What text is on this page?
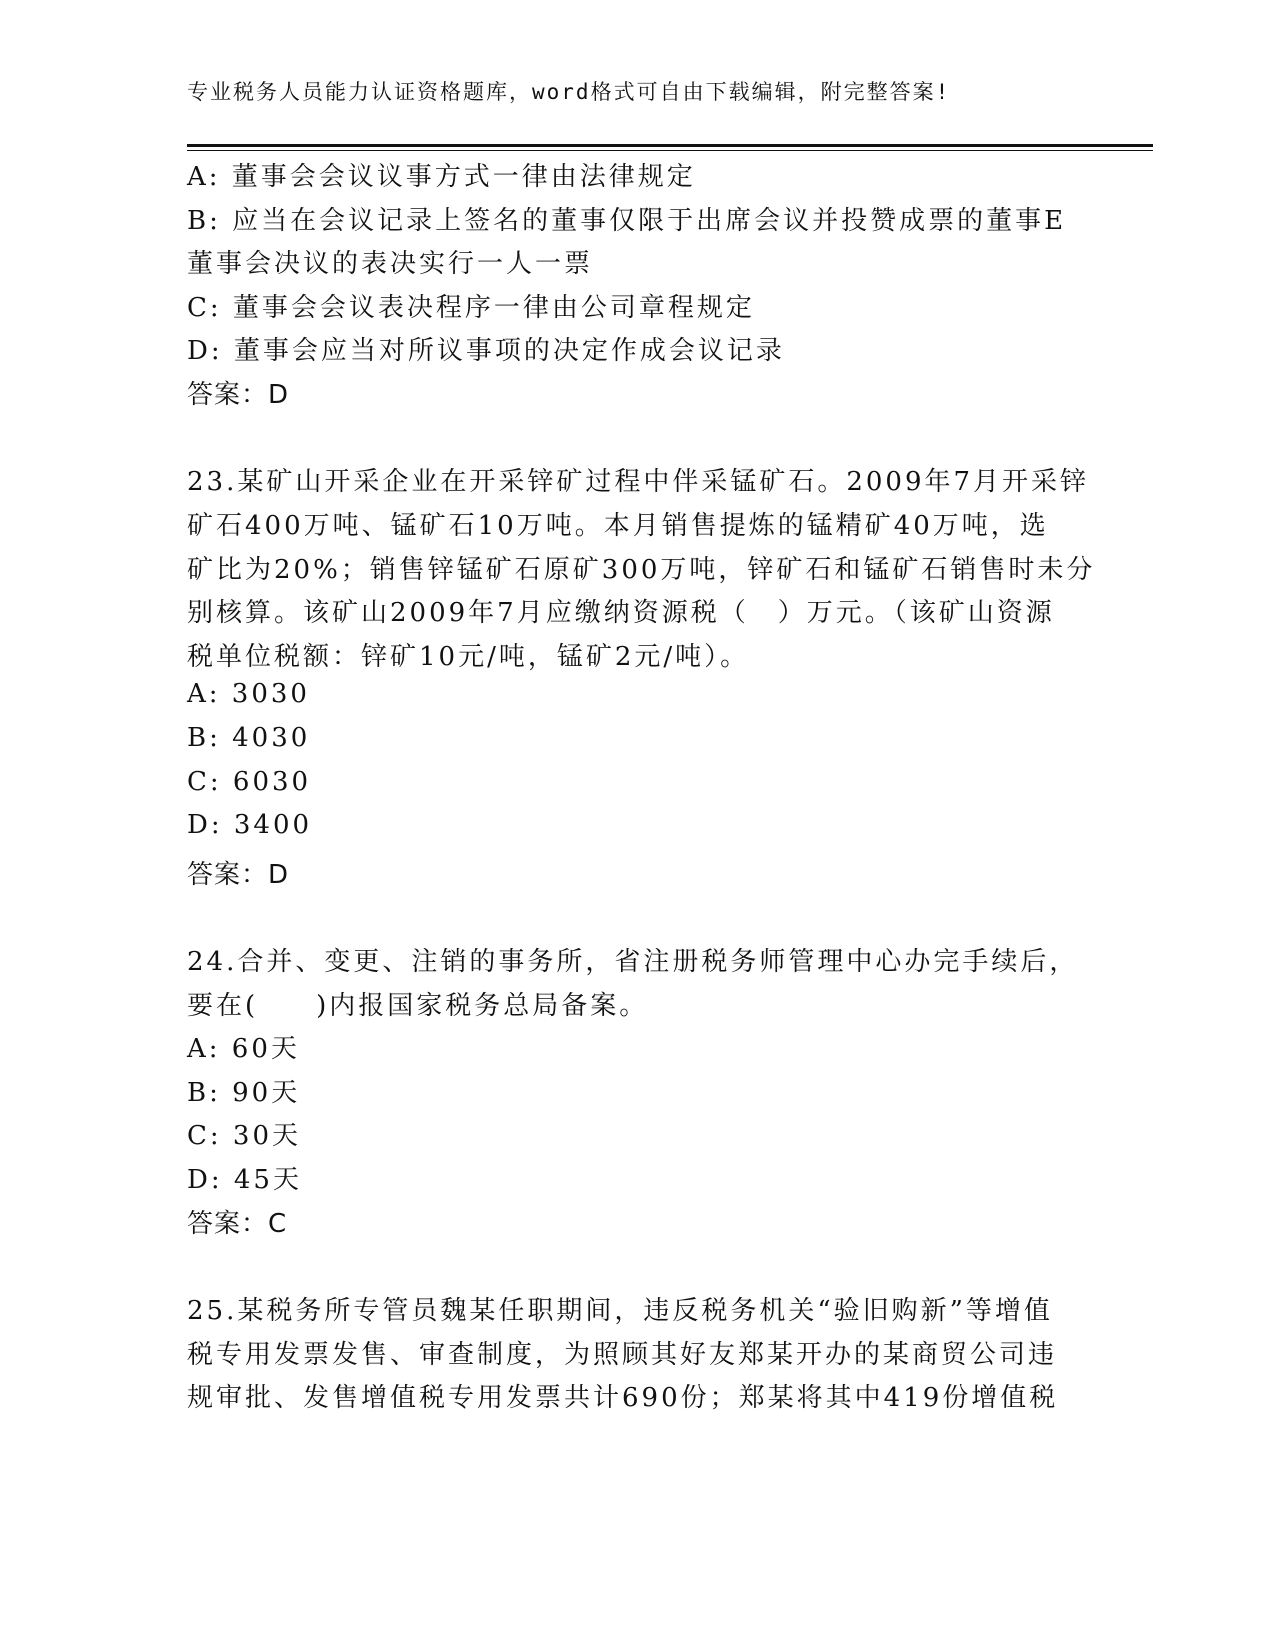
专业税务人员能力认证资格题库，word格式可自由下载编辑，附完整答案!
A: 董事会会议议事方式一律由法律规定
B: 应当在会议记录上签名的董事仅限于出席会议并投赞成票的董事E
董事会决议的表决实行一人一票
C: 董事会会议表决程序一律由公司章程规定
D: 董事会应当对所议事项的决定作成会议记录
答案：D
23.某矿山开采企业在开采锌矿过程中伴采锰矿石。2009年7月开采锌
矿石400万吨、锰矿石10万吨。本月销售提炼的锰精矿40万吨，选
矿比为20%；销售锌锰矿石原矿300万吨，锌矿石和锰矿石销售时未分
别核算。该矿山2009年7月应缴纳资源税（　）万元。（该矿山资源
税单位税额：锌矿10元/吨，锰矿2元/吨）。
A: 3030
B: 4030
C: 6030
D: 3400
答案：D
24.合并、变更、注销的事务所，省注册税务师管理中心办完手续后，
要在(　　)内报国家税务总局备案。
A: 60天
B: 90天
C: 30天
D: 45天
答案：C
25.某税务所专管员魏某任职期间，违反税务机关“验旧购新”等增值
税专用发票发售、审查制度，为照顾其好友郑某开办的某商贸公司违
规审批、发售增值税专用发票共计690份；郑某将其中419份增值税
